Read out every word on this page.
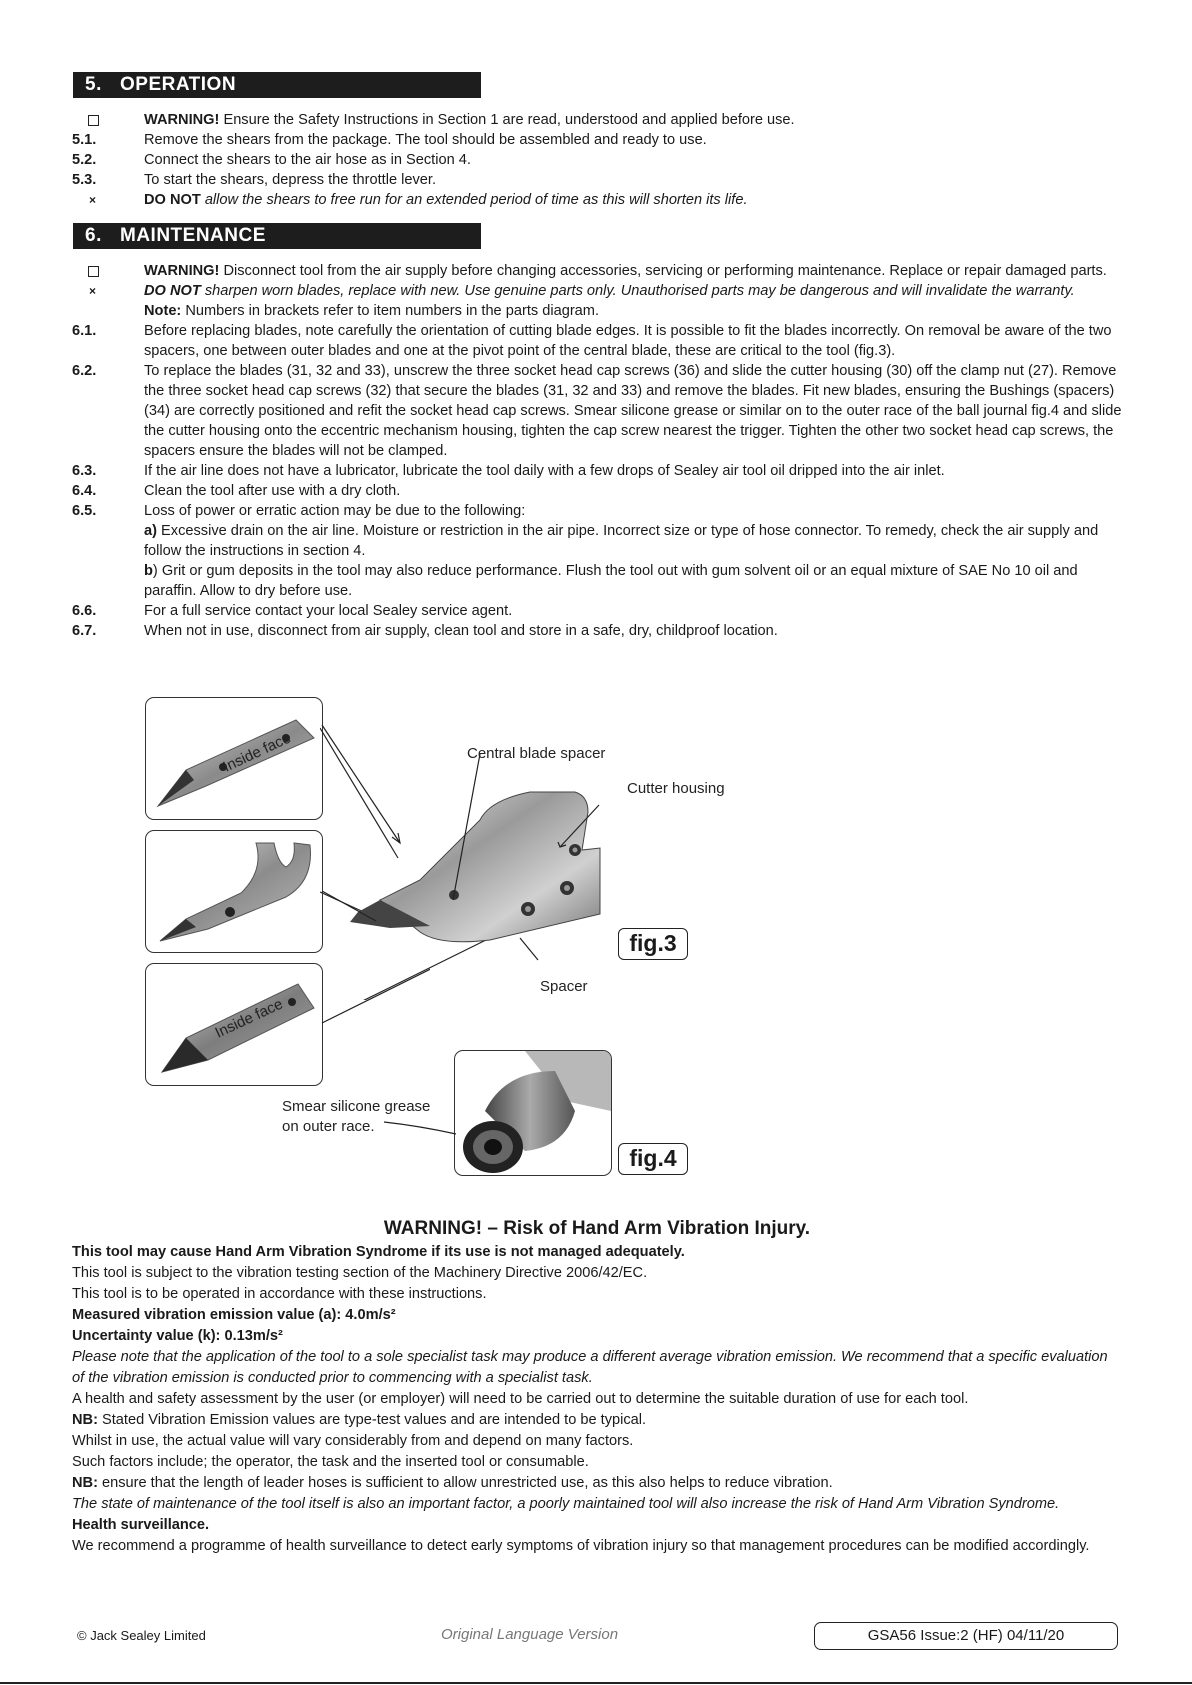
5. OPERATION
WARNING! Ensure the Safety Instructions in Section 1 are read, understood and applied before use.
5.1.	Remove the shears from the package. The tool should be assembled and ready to use.
5.2.	Connect the shears to the air hose as in Section 4.
5.3.	To start the shears, depress the throttle lever.
×	DO NOT allow the shears to free run for an extended period of time as this will shorten its life.
6. MAINTENANCE
WARNING! Disconnect tool from the air supply before changing accessories, servicing or performing maintenance. Replace or repair damaged parts.
×	DO NOT sharpen worn blades, replace with new. Use genuine parts only. Unauthorised parts may be dangerous and will invalidate the warranty.
Note: Numbers in brackets refer to item numbers in the parts diagram.
6.1.	Before replacing blades, note carefully the orientation of cutting blade edges. It is possible to fit the blades incorrectly. On removal be aware of the two spacers, one between outer blades and one at the pivot point of the central blade, these are critical to the tool (fig.3).
6.2.	To replace the blades (31, 32 and 33), unscrew the three socket head cap screws (36) and slide the cutter housing (30) off the clamp nut (27). Remove the three socket head cap screws (32) that secure the blades (31, 32 and 33) and remove the blades. Fit new blades, ensuring the Bushings (spacers) (34) are correctly positioned and refit the socket head cap screws. Smear silicone grease or similar on to the outer race of the ball journal fig.4 and slide the cutter housing onto the eccentric mechanism housing, tighten the cap screw nearest the trigger. Tighten the other two socket head cap screws, the spacers ensure the blades will not be clamped.
6.3.	If the air line does not have a lubricator, lubricate the tool daily with a few drops of Sealey air tool oil dripped into the air inlet.
6.4.	Clean the tool after use with a dry cloth.
6.5.	Loss of power or erratic action may be due to the following:
a) Excessive drain on the air line. Moisture or restriction in the air pipe. Incorrect size or type of hose connector. To remedy, check the air supply and follow the instructions in section 4.
b) Grit or gum deposits in the tool may also reduce performance. Flush the tool out with gum solvent oil or an equal mixture of SAE No 10 oil and paraffin. Allow to dry before use.
6.6.	For a full service contact your local Sealey service agent.
6.7.	When not in use, disconnect from air supply, clean tool and store in a safe, dry, childproof location.
Inside face
Inside face
Central blade spacer
Cutter housing
Spacer
fig.3
Smear silicone grease
on outer race.
fig.4
WARNING! – Risk of Hand Arm Vibration Injury.

This tool may cause Hand Arm Vibration Syndrome if its use is not managed adequately.

This tool is subject to the vibration testing section of the Machinery Directive 2006/42/EC.

This tool is to be operated in accordance with these instructions.

Measured vibration emission value (a): 4.0m/s²

Uncertainty value (k): 0.13m/s²

Please note that the application of the tool to a sole specialist task may produce a different average vibration emission. We recommend that a specific evaluation of the vibration emission is conducted prior to commencing with a specialist task.

A health and safety assessment by the user (or employer) will need to be carried out to determine the suitable duration of use for each tool.

NB: Stated Vibration Emission values are type-test values and are intended to be typical.

Whilst in use, the actual value will vary considerably from and depend on many factors.

Such factors include; the operator, the task and the inserted tool or consumable.

NB: ensure that the length of leader hoses is sufficient to allow unrestricted use, as this also helps to reduce vibration.

The state of maintenance of the tool itself is also an important factor, a poorly maintained tool will also increase the risk of Hand Arm Vibration Syndrome.

Health surveillance.

We recommend a programme of health surveillance to detect early symptoms of vibration injury so that management procedures can be modified accordingly.

© Jack Sealey Limited	Original Language Version	GSA56 Issue:2 (HF) 04/11/20
